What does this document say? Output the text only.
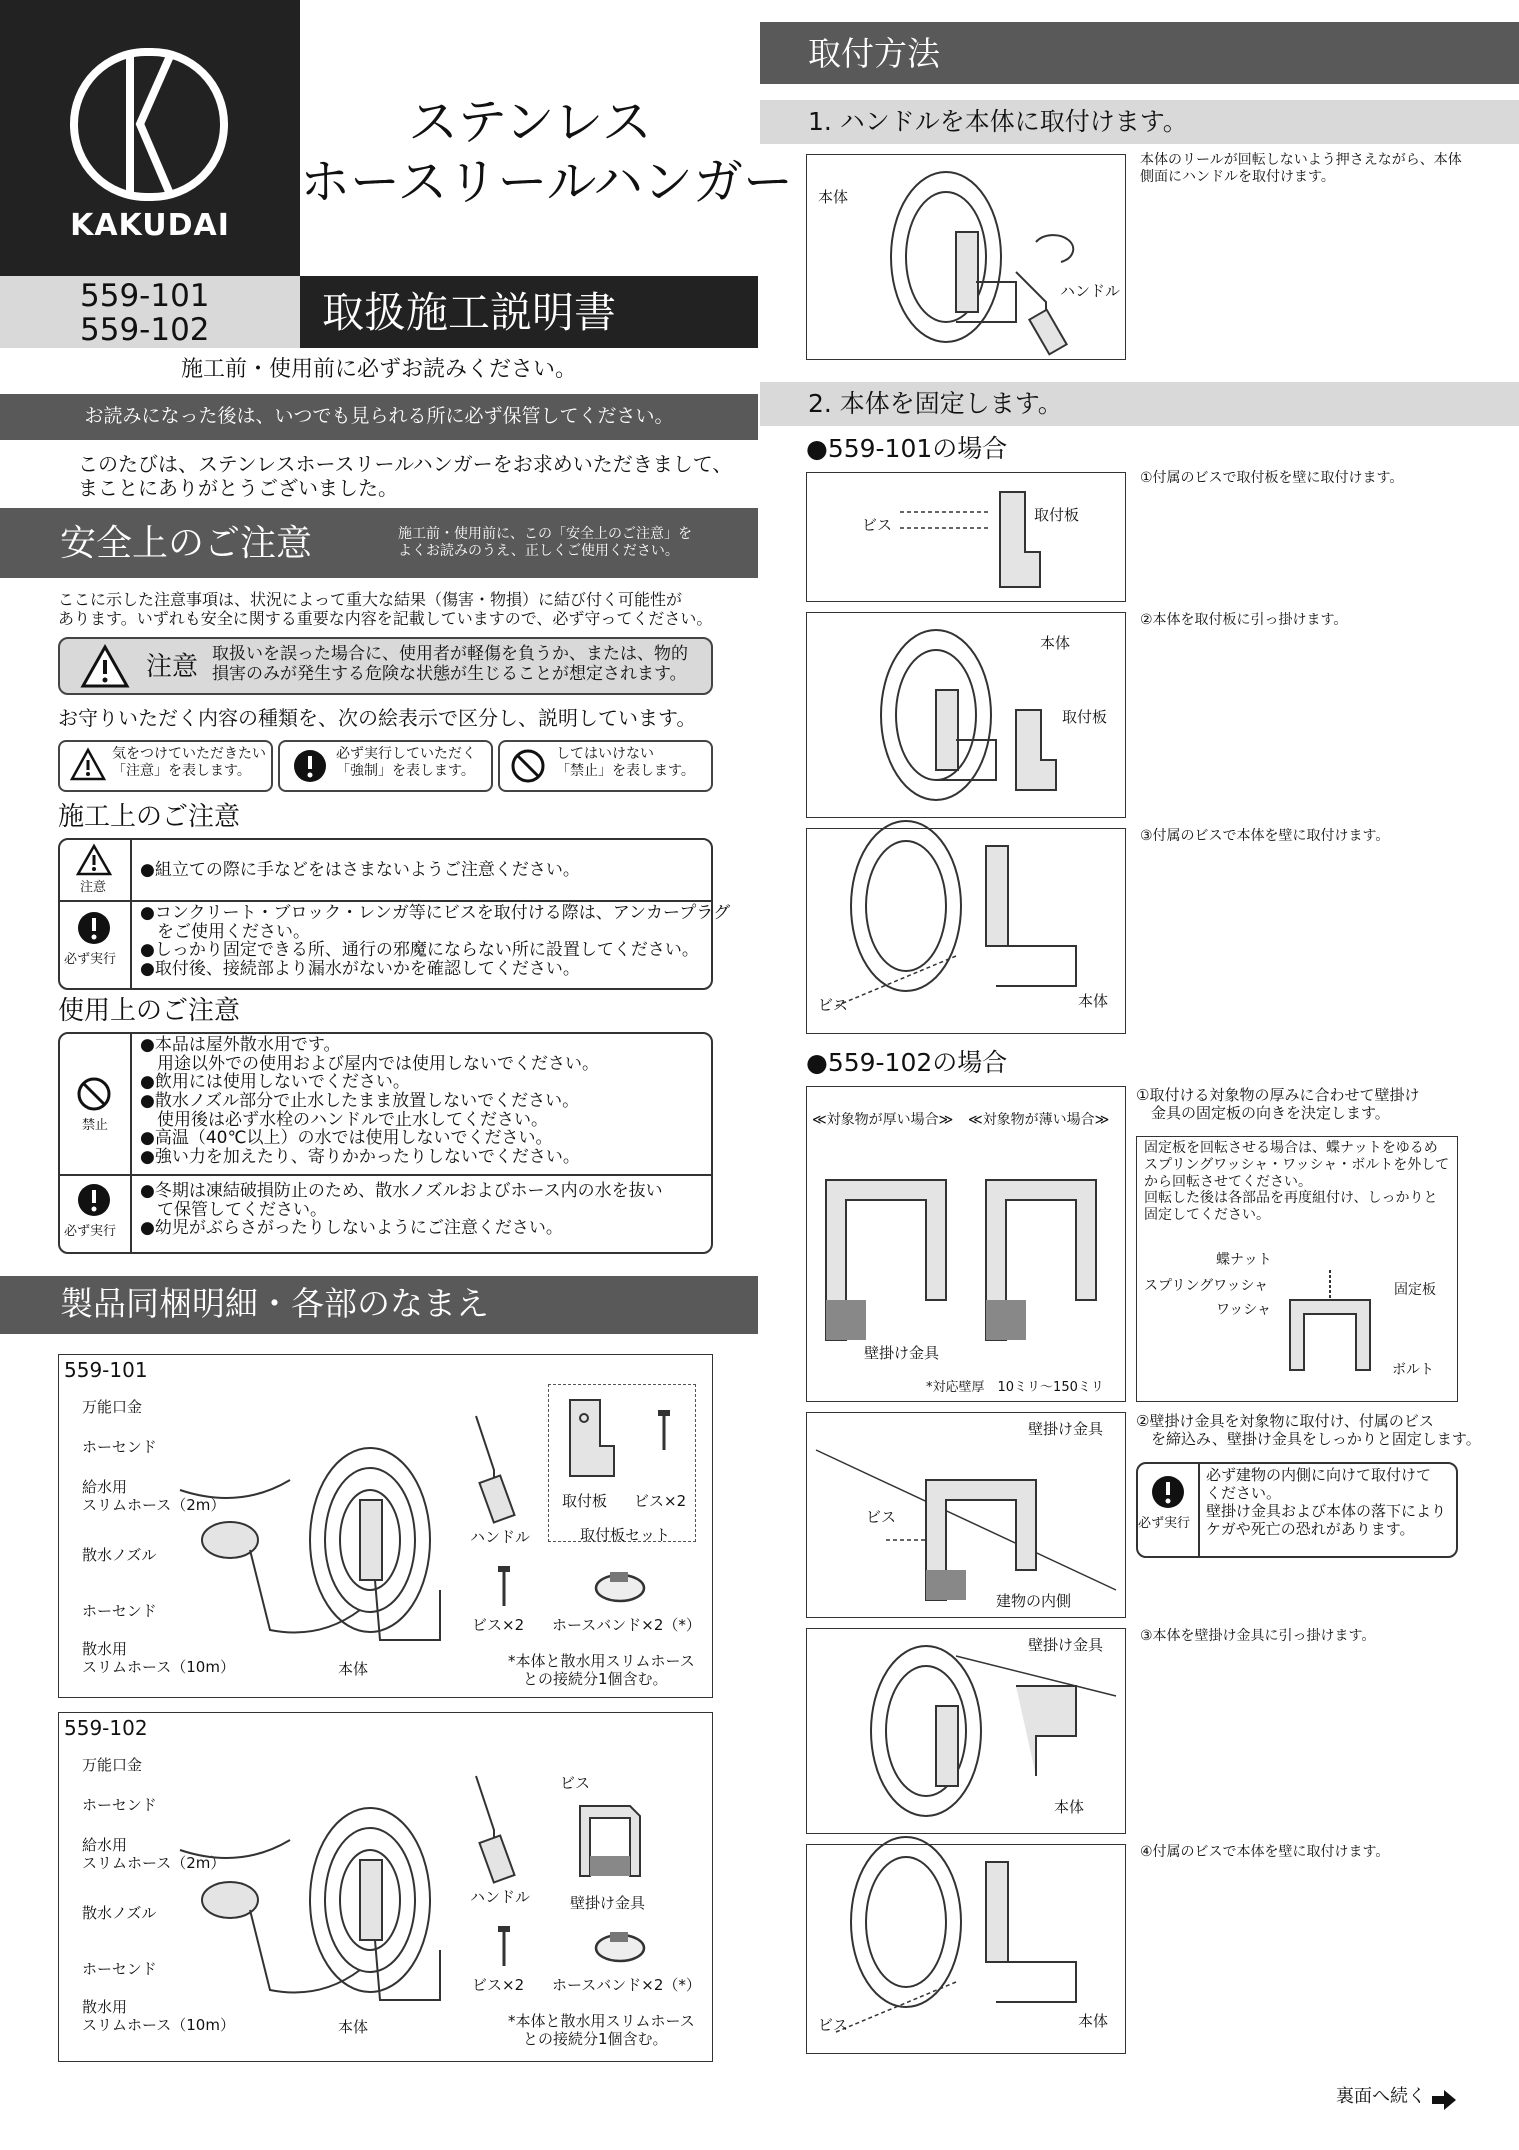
KAKUDAI
ステンレス
ホースリールハンガー
559-101
559-102	取扱施工説明書
施工前・使用前に必ずお読みください。
お読みになった後は、いつでも見られる所に必ず保管してください。
このたびは、ステンレスホースリールハンガーをお求めいただきまして、
まことにありがとうございました。
安全上のご注意	施工前・使用前に、この「安全上のご注意」を
よくお読みのうえ、正しくご使用ください。
ここに示した注意事項は、状況によって重大な結果（傷害・物損）に結び付く可能性が
あります。いずれも安全に関する重要な内容を記載していますので、必ず守ってください。
注意 取扱いを誤った場合に、使用者が軽傷を負うか、または、物的
損害のみが発生する危険な状態が生じることが想定されます。
お守りいただく内容の種類を、次の絵表示で区分し、説明しています。
気をつけていただきたい
「注意」を表します。
必ず実行していただく
「強制」を表します。
してはいけない
「禁止」を表します。
施工上のご注意
注意
●組立ての際に手などをはさまないようご注意ください。
必ず実行
●コンクリート・ブロック・レンガ等にビスを取付ける際は、アンカープラグ
　をご使用ください。
●しっかり固定できる所、通行の邪魔にならない所に設置してください。
●取付後、接続部より漏水がないかを確認してください。
使用上のご注意
禁止
●本品は屋外散水用です。
　用途以外での使用および屋内では使用しないでください。
●飲用には使用しないでください。
●散水ノズル部分で止水したまま放置しないでください。
　使用後は必ず水栓のハンドルで止水してください。
●高温（40℃以上）の水では使用しないでください。
●強い力を加えたり、寄りかかったりしないでください。
必ず実行
●冬期は凍結破損防止のため、散水ノズルおよびホース内の水を抜い
　て保管してください。
●幼児がぶらさがったりしないようにご注意ください。
製品同梱明細・各部のなまえ
559-101
万能口金
ホーセンド
給水用
スリムホース（2m）
散水ノズル
ホーセンド
散水用
スリムホース（10m）	本体
ハンドル
取付板 ビス×2
取付板セット
ビス×2 ホースバンド×2（*）
*本体と散水用スリムホース
　との接続分1個含む。
559-102
万能口金
ホーセンド
給水用
スリムホース（2m）
散水ノズル
ホーセンド
散水用
スリムホース（10m）	本体
ハンドル
ビス
壁掛け金具
ビス×2 ホースバンド×2（*）
*本体と散水用スリムホース
　との接続分1個含む。
取付方法
1. ハンドルを本体に取付けます。
本体
ハンドル
本体のリールが回転しないよう押さえながら、本体
側面にハンドルを取付けます。
2. 本体を固定します。
●559-101の場合
ビス
取付板
①付属のビスで取付板を壁に取付けます。
本体
取付板
②本体を取付板に引っ掛けます。
ビス	本体
③付属のビスで本体を壁に取付けます。
●559-102の場合
≪対象物が厚い場合≫ ≪対象物が薄い場合≫
壁掛け金具
*対応壁厚　10ミリ～150ミリ
①取付ける対象物の厚みに合わせて壁掛け
　金具の固定板の向きを決定します。
固定板を回転させる場合は、蝶ナットをゆるめ
スプリングワッシャ・ワッシャ・ボルトを外して
から回転させてください。
回転した後は各部品を再度組付け、しっかりと
固定してください。
蝶ナット
スプリングワッシャ
ワッシャ
固定板
ボルト
壁掛け金具
ビス
建物の内側
②壁掛け金具を対象物に取付け、付属のビス
　を締込み、壁掛け金具をしっかりと固定します。
必ず実行
必ず建物の内側に向けて取付けて
ください。
壁掛け金具および本体の落下により
ケガや死亡の恐れがあります。
壁掛け金具
本体
③本体を壁掛け金具に引っ掛けます。
ビス	本体
④付属のビスで本体を壁に取付けます。
裏面へ続く
